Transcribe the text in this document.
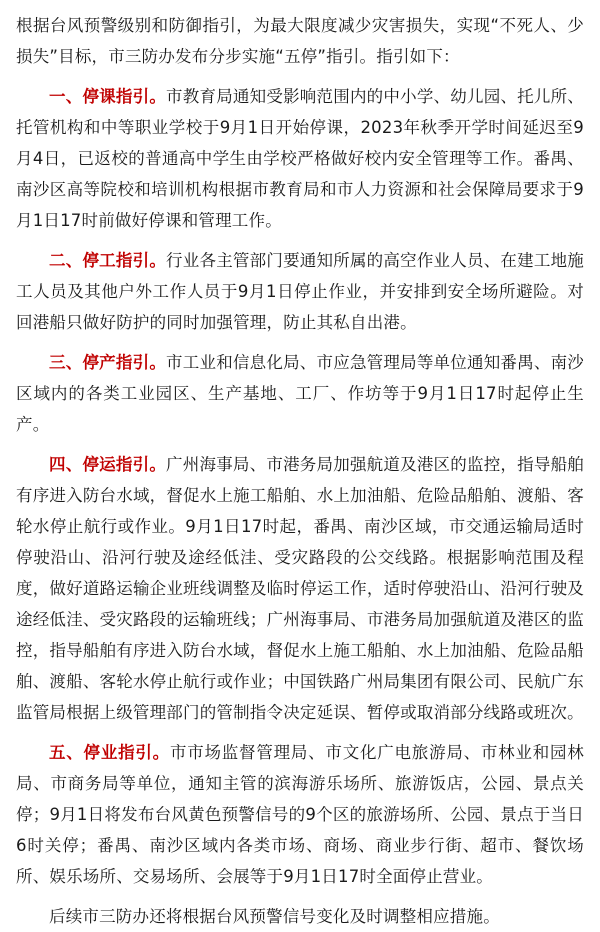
根据台风预警级别和防御指引，为最大限度减少灾害损失，实现“不死人、少损失”目标，市三防办发布分步实施“五停”指引。指引如下：

一、停课指引。市教育局通知受影响范围内的中小学、幼儿园、托儿所、托管机构和中等职业学校于9月1日开始停课，2023年秋季开学时间延迟至9月4日，已返校的普通高中学生由学校严格做好校内安全管理等工作。番禺、南沙区高等院校和培训机构根据市教育局和市人力资源和社会保障局要求于9月1日17时前做好停课和管理工作。

二、停工指引。行业各主管部门要通知所属的高空作业人员、在建工地施工人员及其他户外工作人员于9月1日停止作业，并安排到安全场所避险。对回港船只做好防护的同时加强管理，防止其私自出港。

三、停产指引。市工业和信息化局、市应急管理局等单位通知番禺、南沙区域内的各类工业园区、生产基地、工厂、作坊等于9月1日17时起停止生产。

四、停运指引。广州海事局、市港务局加强航道及港区的监控，指导船舶有序进入防台水域，督促水上施工船舶、水上加油船、危险品船舶、渡船、客轮水停止航行或作业。9月1日17时起，番禺、南沙区域，市交通运输局适时停驶沿山、沿河行驶及途经低洼、受灾路段的公交线路。根据影响范围及程度，做好道路运输企业班线调整及临时停运工作，适时停驶沿山、沿河行驶及途经低洼、受灾路段的运输班线；广州海事局、市港务局加强航道及港区的监控，指导船舶有序进入防台水域，督促水上施工船舶、水上加油船、危险品船舶、渡船、客轮水停止航行或作业；中国铁路广州局集团有限公司、民航广东监管局根据上级管理部门的管制指令决定延误、暂停或取消部分线路或班次。

五、停业指引。市市场监督管理局、市文化广电旅游局、市林业和园林局、市商务局等单位，通知主管的滨海游乐场所、旅游饭店，公园、景点关停；9月1日将发布台风黄色预警信号的9个区的旅游场所、公园、景点于当日6时关停；番禺、南沙区域内各类市场、商场、商业步行街、超市、餐饮场所、娱乐场所、交易场所、会展等于9月1日17时全面停止营业。

后续市三防办还将根据台风预警信号变化及时调整相应措施。
